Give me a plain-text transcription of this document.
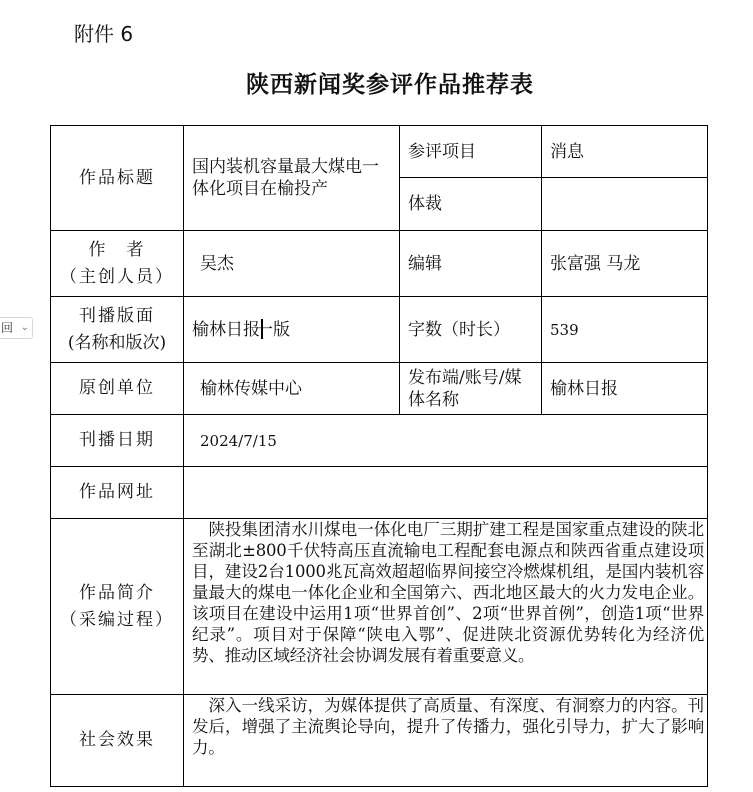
附件 6
陕西新闻奖参评作品推荐表
回 ⌄
作品标题	国内装机容量最大煤电一体化项目在榆投产	参评项目	消息
		体裁	

作　者
（主创人员）	吴杰	编辑	张富强 马龙

刊播版面
(名称和版次)	榆林日报一版	字数（时长）	539
原创单位	榆林传媒中心	发布端/账号/媒体名称	榆林日报
刊播日期	2024/7/15		
作品网址			

作品简介
（采编过程）	陕投集团清水川煤电一体化电厂三期扩建工程是国家重点建设的陕北至湖北±800千伏特高压直流输电工程配套电源点和陕西省重点建设项目，建设2台1000兆瓦高效超超临界间接空冷燃煤机组，是国内装机容量最大的煤电一体化企业和全国第六、西北地区最大的火力发电企业。该项目在建设中运用1项“世界首创”、2项“世界首例”，创造1项“世界纪录”。项目对于保障“陕电入鄂”、促进陕北资源优势转化为经济优势、推动区域经济社会协调发展有着重要意义。		
社会效果	深入一线采访，为媒体提供了高质量、有深度、有洞察力的内容。刊发后，增强了主流舆论导向，提升了传播力，强化引导力，扩大了影响力。		
